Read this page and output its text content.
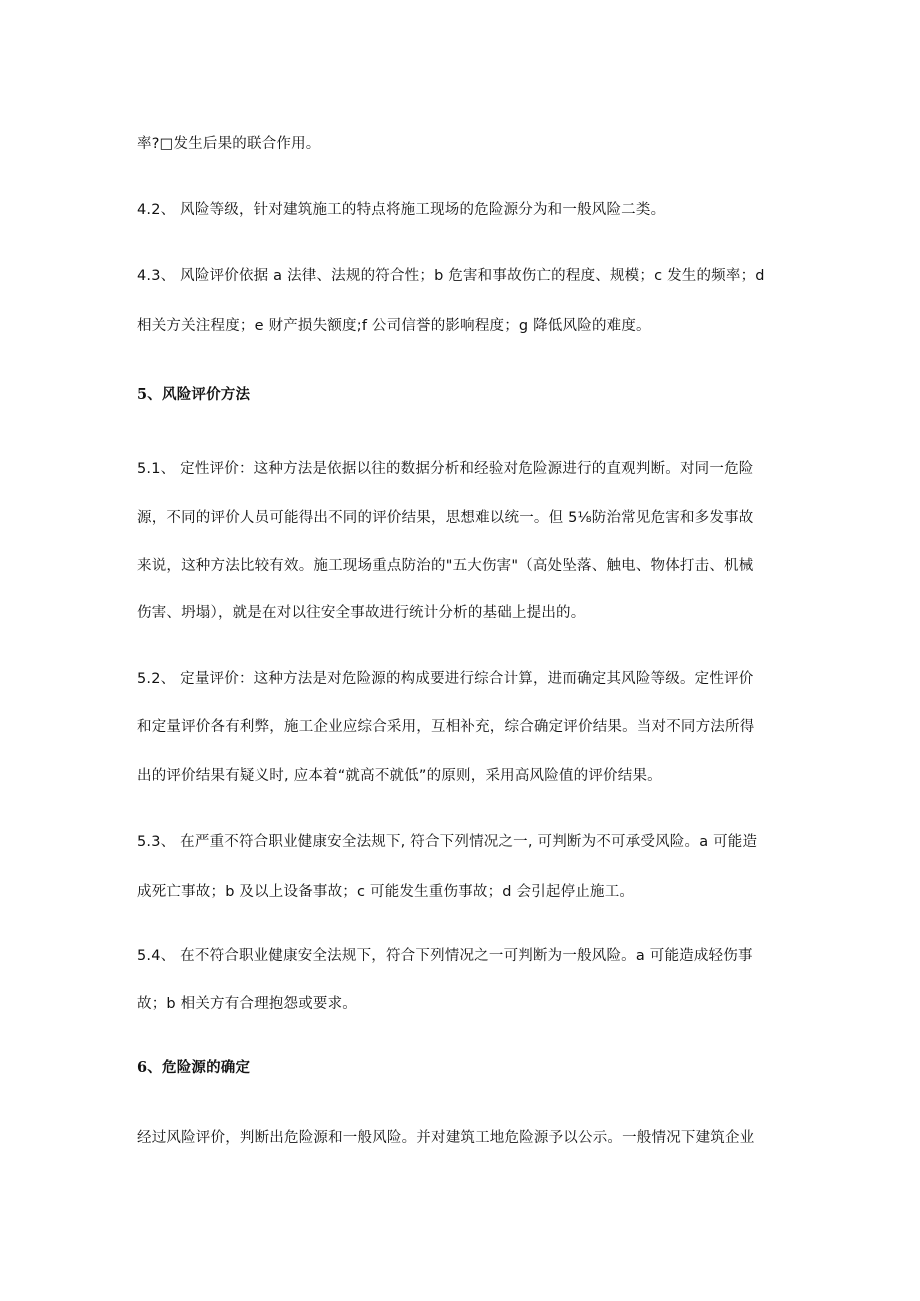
率?□发生后果的联合作用。
4.2、 风险等级，针对建筑施工的特点将施工现场的危险源分为和一般风险二类。
4.3、 风险评价依据 a 法律、法规的符合性；b 危害和事故伤亡的程度、规模；c 发生的频率；d
相关方关注程度；e 财产损失额度;f 公司信誉的影响程度；g 降低风险的难度。
5、风险评价方法
5.1、 定性评价：这种方法是依据以往的数据分析和经验对危险源进行的直观判断。对同一危险
源，不同的评价人员可能得出不同的评价结果，思想难以统一。但 5⅛防治常见危害和多发事故
来说，这种方法比较有效。施工现场重点防治的"五大伤害"（高处坠落、触电、物体打击、机械
伤害、坍塌），就是在对以往安全事故进行统计分析的基础上提出的。
5.2、 定量评价：这种方法是对危险源的构成要进行综合计算，进而确定其风险等级。定性评价
和定量评价各有利弊，施工企业应综合采用，互相补充，综合确定评价结果。当对不同方法所得
出的评价结果有疑义时, 应本着“就高不就低”的原则，采用高风险值的评价结果。
5.3、 在严重不符合职业健康安全法规下, 符合下列情况之一, 可判断为不可承受风险。a 可能造
成死亡事故；b 及以上设备事故；c 可能发生重伤事故；d 会引起停止施工。
5.4、 在不符合职业健康安全法规下，符合下列情况之一可判断为一般风险。a 可能造成轻伤事
故；b 相关方有合理抱怨或要求。
6、危险源的确定
经过风险评价，判断出危险源和一般风险。并对建筑工地危险源予以公示。一般情况下建筑企业
